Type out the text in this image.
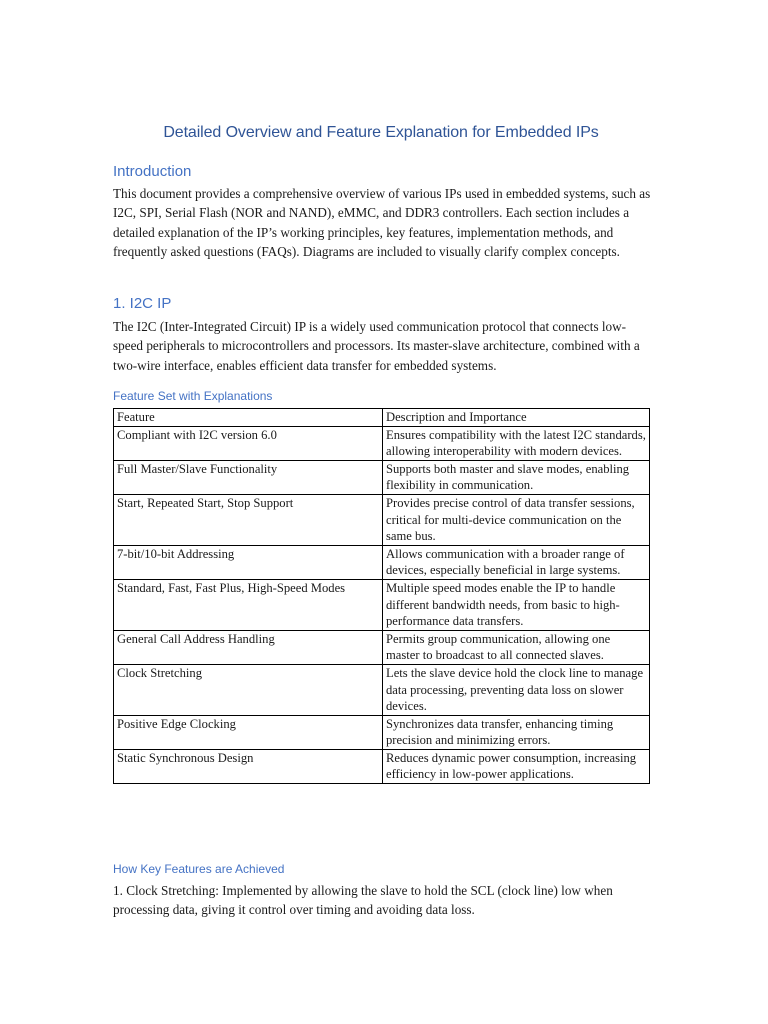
Detailed Overview and Feature Explanation for Embedded IPs
Introduction

This document provides a comprehensive overview of various IPs used in embedded systems, such as I2C, SPI, Serial Flash (NOR and NAND), eMMC, and DDR3 controllers. Each section includes a detailed explanation of the IP’s working principles, key features, implementation methods, and frequently asked questions (FAQs). Diagrams are included to visually clarify complex concepts.

1. I2C IP

The I2C (Inter-Integrated Circuit) IP is a widely used communication protocol that connects low-speed peripherals to microcontrollers and processors. Its master-slave architecture, combined with a two-wire interface, enables efficient data transfer for embedded systems.

Feature Set with Explanations
Feature	Description and Importance
Compliant with I2C version 6.0	Ensures compatibility with the latest I2C standards, allowing interoperability with modern devices.
Full Master/Slave Functionality	Supports both master and slave modes, enabling flexibility in communication.
Start, Repeated Start, Stop Support	Provides precise control of data transfer sessions, critical for multi-device communication on the same bus.
7-bit/10-bit Addressing	Allows communication with a broader range of devices, especially beneficial in large systems.
Standard, Fast, Fast Plus, High-Speed Modes	Multiple speed modes enable the IP to handle different bandwidth needs, from basic to high-performance data transfers.
General Call Address Handling	Permits group communication, allowing one master to broadcast to all connected slaves.
Clock Stretching	Lets the slave device hold the clock line to manage data processing, preventing data loss on slower devices.
Positive Edge Clocking	Synchronizes data transfer, enhancing timing precision and minimizing errors.
Static Synchronous Design	Reduces dynamic power consumption, increasing efficiency in low-power applications.
How Key Features are Achieved

1. Clock Stretching: Implemented by allowing the slave to hold the SCL (clock line) low when processing data, giving it control over timing and avoiding data loss.
